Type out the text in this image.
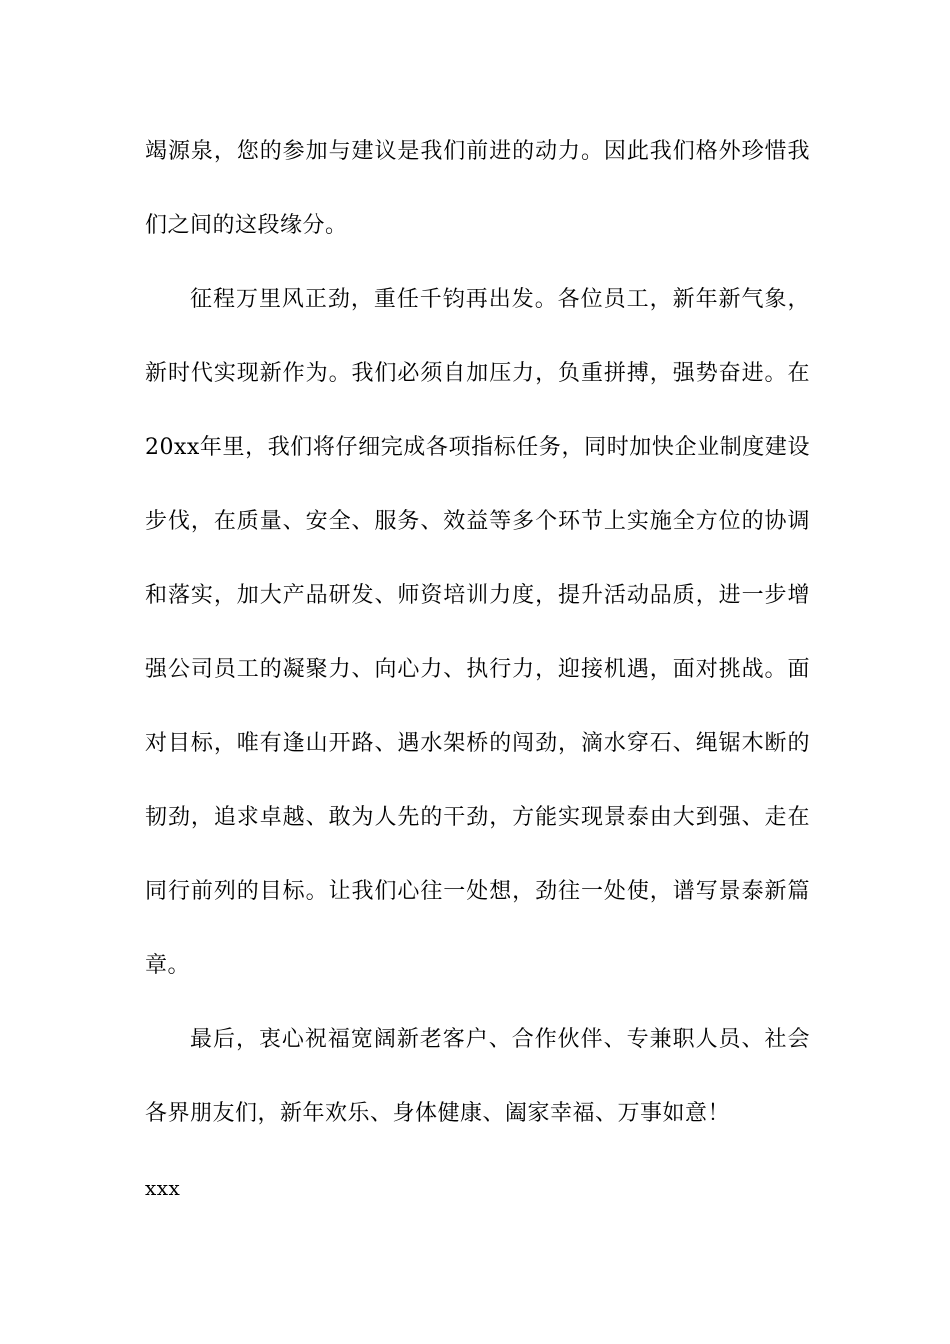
竭源泉，您的参加与建议是我们前进的动力。因此我们格外珍惜我们之间的这段缘分。

征程万里风正劲，重任千钧再出发。各位员工，新年新气象，新时代实现新作为。我们必须自加压力，负重拼搏，强势奋进。在20xx年里，我们将仔细完成各项指标任务，同时加快企业制度建设步伐，在质量、安全、服务、效益等多个环节上实施全方位的协调和落实，加大产品研发、师资培训力度，提升活动品质，进一步增强公司员工的凝聚力、向心力、执行力，迎接机遇，面对挑战。面对目标，唯有逢山开路、遇水架桥的闯劲，滴水穿石、绳锯木断的韧劲，追求卓越、敢为人先的干劲，方能实现景泰由大到强、走在同行前列的目标。让我们心往一处想，劲往一处使，谱写景泰新篇章。

最后，衷心祝福宽阔新老客户、合作伙伴、专兼职人员、社会各界朋友们，新年欢乐、身体健康、阖家幸福、万事如意！

xxx
